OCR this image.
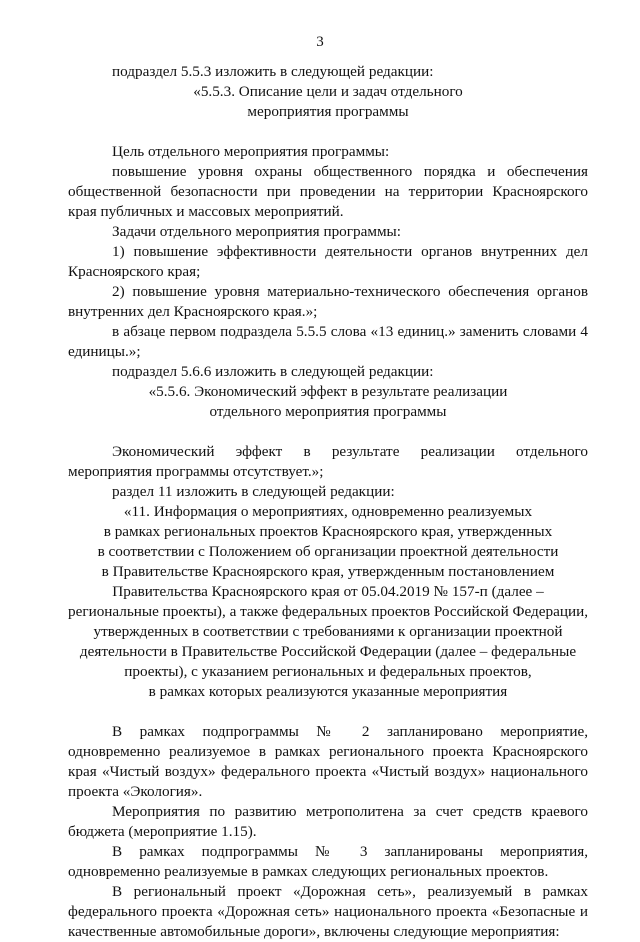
3

подраздел 5.5.3 изложить в следующей редакции:

«5.5.3. Описание цели и задач отдельного

мероприятия программы

Цель отдельного мероприятия программы:

повышение уровня охраны общественного порядка и обеспечения общественной безопасности при проведении на территории Красноярского края публичных и массовых мероприятий.

Задачи отдельного мероприятия программы:

1) повышение эффективности деятельности органов внутренних дел Красноярского края;

2) повышение уровня материально-технического обеспечения органов внутренних дел Красноярского края.»;

в абзаце первом подраздела 5.5.5 слова «13 единиц.» заменить словами 4 единицы.»;

подраздел 5.6.6 изложить в следующей редакции:

«5.5.6. Экономический эффект в результате реализации

отдельного мероприятия программы

Экономический эффект в результате реализации отдельного мероприятия программы отсутствует.»;

раздел 11 изложить в следующей редакции:

«11. Информация о мероприятиях, одновременно реализуемых

в рамках региональных проектов Красноярского края, утвержденных

в соответствии с Положением об организации проектной деятельности

в Правительстве Красноярского края, утвержденным постановлением

Правительства Красноярского края от 05.04.2019 № 157-п (далее –

региональные проекты), а также федеральных проектов Российской Федерации,

утвержденных в соответствии с требованиями к организации проектной

деятельности в Правительстве Российской Федерации (далее – федеральные

проекты), с указанием региональных и федеральных проектов,

в рамках которых реализуются указанные мероприятия

В рамках подпрограммы № 2 запланировано мероприятие, одновременно реализуемое в рамках регионального проекта Красноярского края «Чистый воздух» федерального проекта «Чистый воздух» национального проекта «Экология».

Мероприятия по развитию метрополитена за счет средств краевого бюджета (мероприятие 1.15).

В рамках подпрограммы № 3 запланированы мероприятия, одновременно реализуемые в рамках следующих региональных проектов.

В региональный проект «Дорожная сеть», реализуемый в рамках федерального проекта «Дорожная сеть» национального проекта «Безопасные и качественные автомобильные дороги», включены следующие мероприятия:
